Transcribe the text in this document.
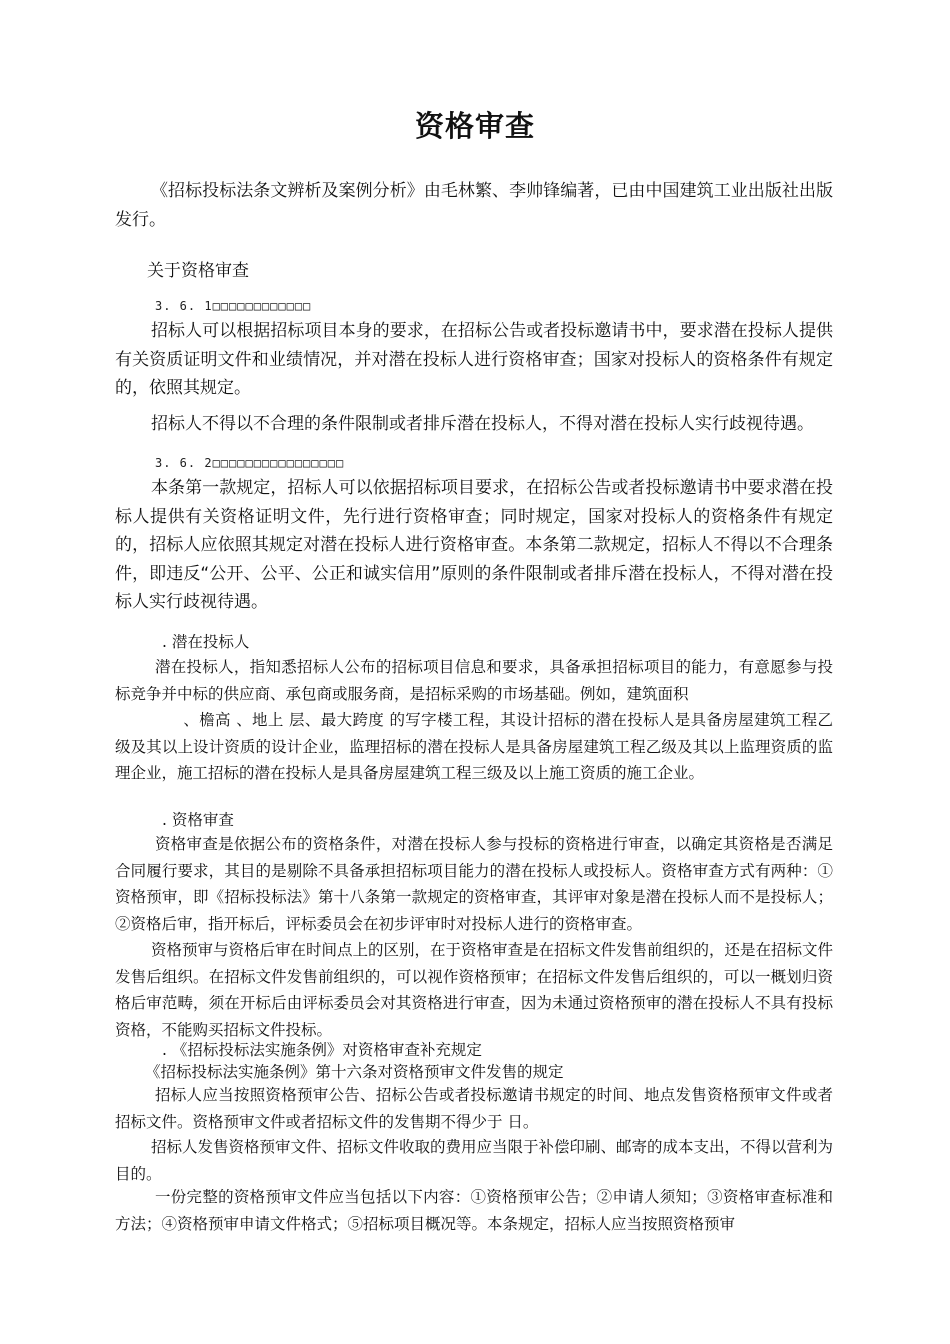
资格审查

《招标投标法条文辨析及案例分析》由毛林繁、李帅锋编著，已由中国建筑工业出版社出版发行。

关于资格审查
3. 6. 1□□□□□□□□□□□□

招标人可以根据招标项目本身的要求，在招标公告或者投标邀请书中，要求潜在投标人提供有关资质证明文件和业绩情况，并对潜在投标人进行资格审查；国家对投标人的资格条件有规定的，依照其规定。

招标人不得以不合理的条件限制或者排斥潜在投标人，不得对潜在投标人实行歧视待遇。

3. 6. 2□□□□□□□□□□□□□□□□

本条第一款规定，招标人可以依据招标项目要求，在招标公告或者投标邀请书中要求潜在投标人提供有关资格证明文件，先行进行资格审查；同时规定，国家对投标人的资格条件有规定的，招标人应依照其规定对潜在投标人进行资格审查。本条第二款规定，招标人不得以不合理条件，即违反“公开、公平、公正和诚实信用”原则的条件限制或者排斥潜在投标人，不得对潜在投标人实行歧视待遇。

. 潜在投标人

潜在投标人，指知悉招标人公布的招标项目信息和要求，具备承担招标项目的能力，有意愿参与投标竞争并中标的供应商、承包商或服务商，是招标采购的市场基础。例如，建筑面积
、檐高 、地上 层、最大跨度 的写字楼工程，其设计招标的潜在投标人是具备房屋建筑工程乙级及其以上设计资质的设计企业，监理招标的潜在投标人是具备房屋建筑工程乙级及其以上监理资质的监理企业，施工招标的潜在投标人是具备房屋建筑工程三级及以上施工资质的施工企业。

. 资格审查

资格审查是依据公布的资格条件，对潜在投标人参与投标的资格进行审查，以确定其资格是否满足合同履行要求，其目的是剔除不具备承担招标项目能力的潜在投标人或投标人。资格审查方式有两种：①资格预审，即《招标投标法》第十八条第一款规定的资格审查，其评审对象是潜在投标人而不是投标人；②资格后审，指开标后，评标委员会在初步评审时对投标人进行的资格审查。

资格预审与资格后审在时间点上的区别，在于资格审查是在招标文件发售前组织的，还是在招标文件发售后组织。在招标文件发售前组织的，可以视作资格预审；在招标文件发售后组织的，可以一概划归资格后审范畴，须在开标后由评标委员会对其资格进行审查，因为未通过资格预审的潜在投标人不具有投标资格，不能购买招标文件投标。

. 《招标投标法实施条例》对资格审查补充规定
《招标投标法实施条例》第十六条对资格预审文件发售的规定

招标人应当按照资格预审公告、招标公告或者投标邀请书规定的时间、地点发售资格预审文件或者招标文件。资格预审文件或者招标文件的发售期不得少于 日。

招标人发售资格预审文件、招标文件收取的费用应当限于补偿印刷、邮寄的成本支出，不得以营利为目的。

一份完整的资格预审文件应当包括以下内容：①资格预审公告；②申请人须知；③资格审查标准和方法；④资格预审申请文件格式；⑤招标项目概况等。本条规定，招标人应当按照资格预审
